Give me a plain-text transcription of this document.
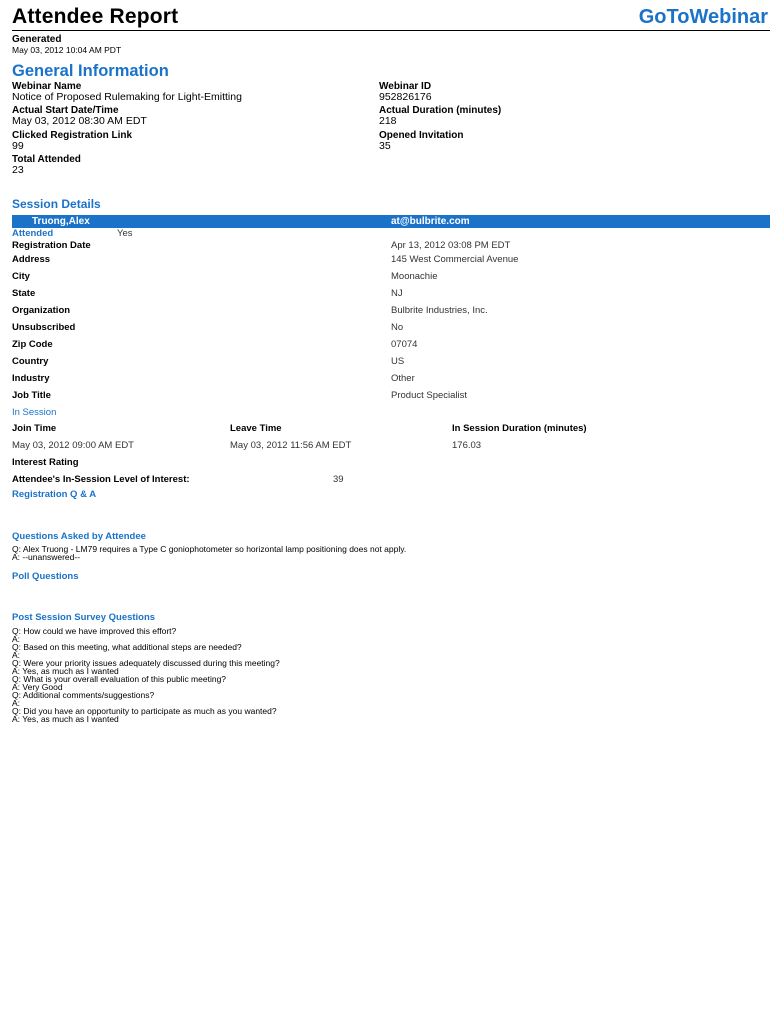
Attendee Report	GoToWebinar
Generated
May 03, 2012 10:04 AM PDT
General Information
Webinar Name
Notice of Proposed Rulemaking for Light-Emitting
Webinar ID
952826176
Actual Start Date/Time
May 03, 2012 08:30 AM EDT
Actual Duration (minutes)
218
Clicked Registration Link
99
Opened Invitation
35
Total Attended
23
Session Details
Truong,Alex	at@bulbrite.com
Attended	Yes
Registration Date	Apr 13, 2012 03:08 PM EDT
Address	145 West Commercial Avenue
City	Moonachie
State	NJ
Organization	Bulbrite Industries, Inc.
Unsubscribed	No
Zip Code	07074
Country	US
Industry	Other
Job Title	Product Specialist
In Session
Join Time	Leave Time	In Session Duration (minutes)
May 03, 2012 09:00 AM EDT	May 03, 2012 11:56 AM EDT	176.03
Interest Rating
Attendee's In-Session Level of Interest:	39
Registration Q & A
Questions Asked by Attendee
Q: Alex Truong - LM79 requires a Type C goniophotometer so horizontal lamp positioning does not apply.
A: --unanswered--
Poll Questions
Post Session Survey Questions
Q: How could we have improved this effort?
A:
Q: Based on this meeting, what additional steps are needed?
A:
Q: Were your priority issues adequately discussed during this meeting?
A: Yes, as much as I wanted
Q: What is your overall evaluation of this public meeting?
A: Very Good
Q: Additional comments/suggestions?
A:
Q: Did you have an opportunity to participate as much as you wanted?
A: Yes, as much as I wanted
